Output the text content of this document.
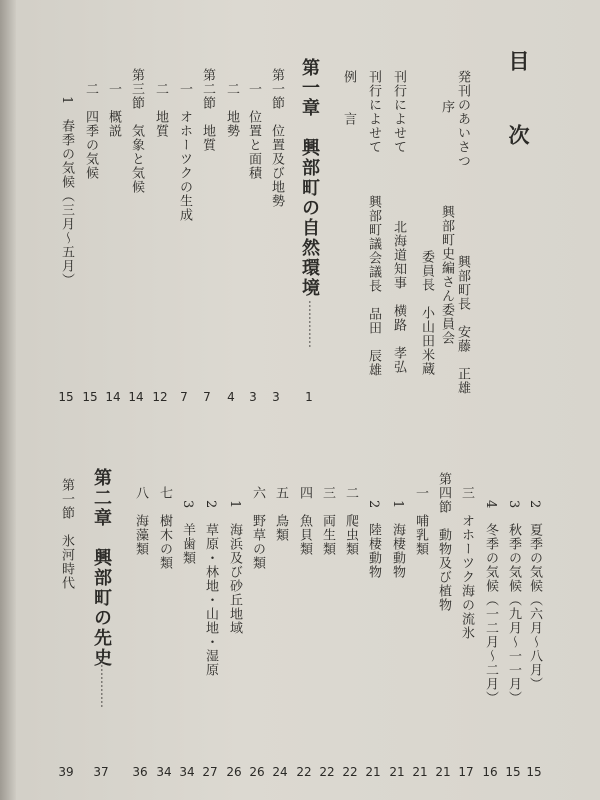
目　次
発刊のあいさつ
興部町長　安藤　正雄
序
興部町史編さん委員会
委員長　小山田米蔵
刊行によせて
北海道知事　横路　孝弘
刊行によせて
興部町議会議長　品田　辰雄
例　　言
第一章　興部町の自然環境
⋯⋯⋯⋯
1
第一節　位置及び地勢
3
一　位置と面積
3
二　地勢
4
第二節　地質
7
一　オホーツクの生成
7
二　地質
12
第三節　気象と気候
14
一　概説
14
二　四季の気候
15
1　春季の気候（三月～五月）
15
2　夏季の気候（六月～八月）
15
3　秋季の気候（九月～一一月）
15
4　冬季の気候（一二月～二月）
16
三　オホーツク海の流氷
17
第四節　動物及び植物
21
一　哺乳類
21
1　海棲動物
21
2　陸棲動物
21
二　爬虫類
22
三　両生類
22
四　魚貝類
22
五　鳥類
24
六　野草の類
26
1　海浜及び砂丘地域
26
2　草原・林地・山地・湿原
27
3　羊歯類
34
七　樹木の類
34
八　海藻類
36
第二章　興部町の先史
⋯⋯⋯⋯
37
第一節　氷河時代
39
